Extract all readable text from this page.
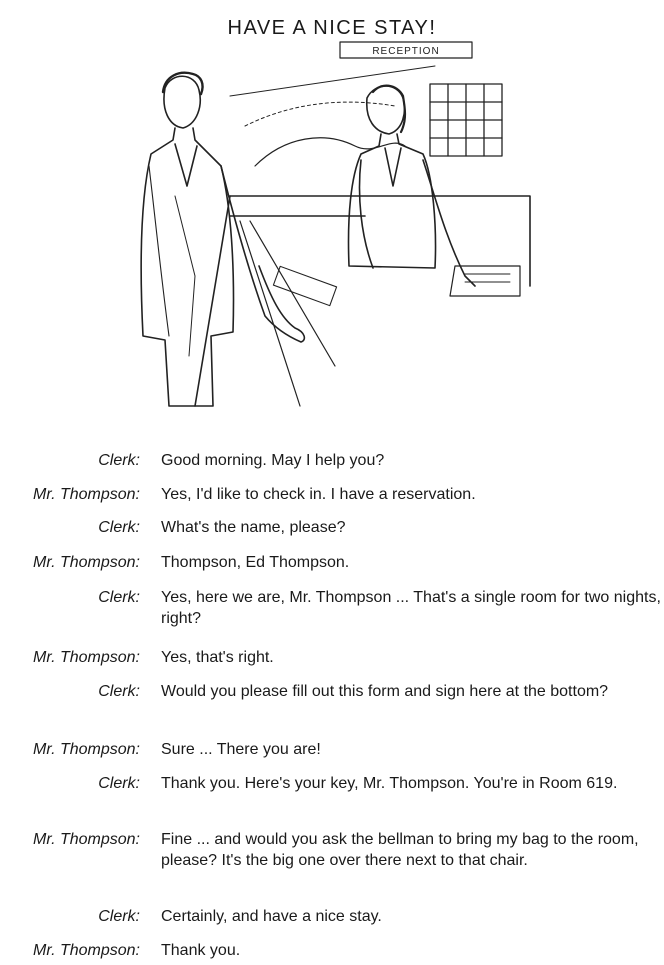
HAVE A NICE STAY!
RECEPTION
Clerk: Good morning. May I help you?
Mr. Thompson: Yes, I'd like to check in. I have a reservation.
Clerk: What's the name, please?
Mr. Thompson: Thompson, Ed Thompson.
Clerk: Yes, here we are, Mr. Thompson ... That's a single room for two nights, right?
Mr. Thompson: Yes, that's right.
Clerk: Would you please fill out this form and sign here at the bottom?
Mr. Thompson: Sure ... There you are!
Clerk: Thank you. Here's your key, Mr. Thompson. You're in Room 619.
Mr. Thompson: Fine ... and would you ask the bellman to bring my bag to the room, please? It's the big one over there next to that chair.
Clerk: Certainly, and have a nice stay.
Mr. Thompson: Thank you.
